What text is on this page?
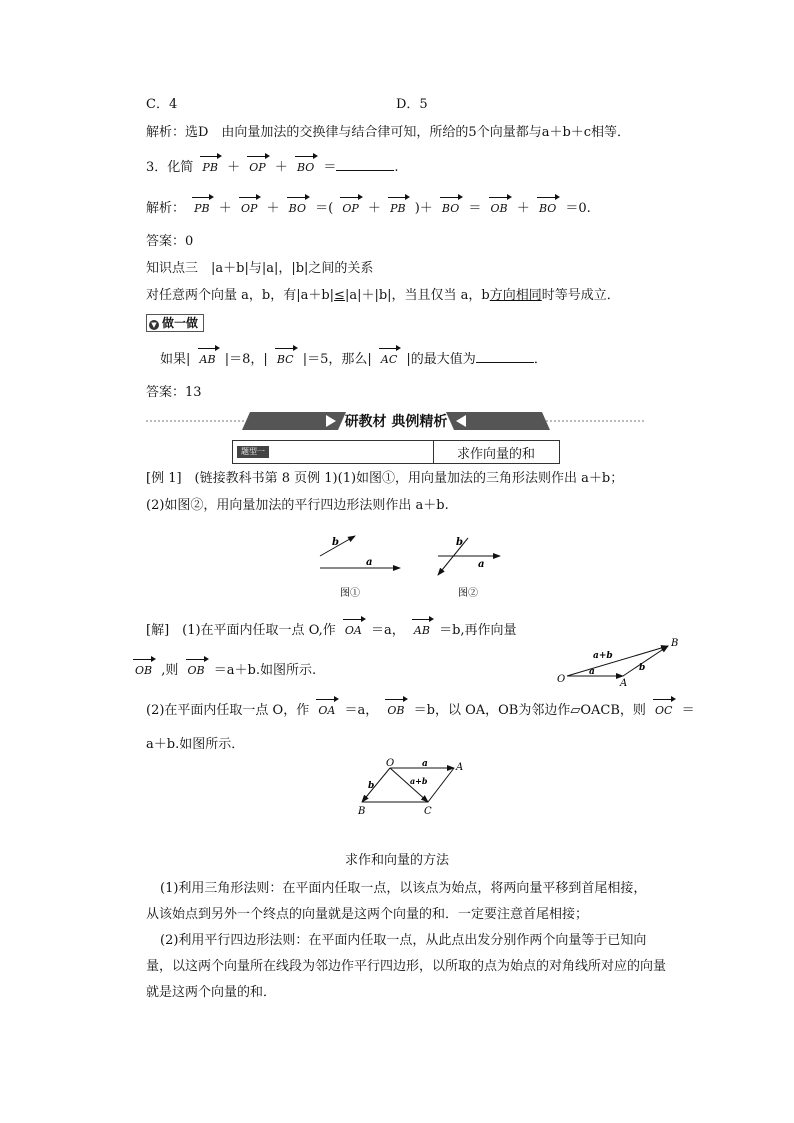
C．4	D．5
解析：选D　由向量加法的交换律与结合律可知，所给的5个向量都与a＋b＋c相等．
3．化简 PB ＋ OP ＋ BO ＝	.
解析： PB ＋ OP ＋ BO ＝( OP ＋ PB )＋ BO ＝ OB ＋ BO ＝0.
答案：0
知识点三　|a＋b|与|a|，|b|之间的关系
对任意两个向量 a，b，有|a＋b|≤|a|＋|b|，当且仅当 a，b方向相同时等号成立．
▼ 做一做
如果| AB |＝8，| BC |＝5，那么| AC |的最大值为	．
答案：13
研教材 典例精析
题型一	求作向量的和
[例 1]　(链接教科书第 8 页例 1)(1)如图①，用向量加法的三角形法则作出 a＋b；
(2)如图②，用向量加法的平行四边形法则作出 a＋b.
b
a
b
a
图①	图②
[解]　(1)在平面内任取一点 O,作 OA ＝a， AB ＝b,再作向量
OB ,则 OB ＝a＋b.如图所示.
O	A
B
a	b
a+b
(2)在平面内任取一点 O，作 OA ＝a， OB ＝b，以 OA，OB为邻边作▱OACB，则 OC ＝
a＋b.如图所示．
O	A
B	C
a
b	a+b
求作和向量的方法
(1)利用三角形法则：在平面内任取一点，以该点为始点，将两向量平移到首尾相接，
从该始点到另外一个终点的向量就是这两个向量的和．一定要注意首尾相接；
(2)利用平行四边形法则：在平面内任取一点，从此点出发分别作两个向量等于已知向
量，以这两个向量所在线段为邻边作平行四边形，以所取的点为始点的对角线所对应的向量
就是这两个向量的和．
